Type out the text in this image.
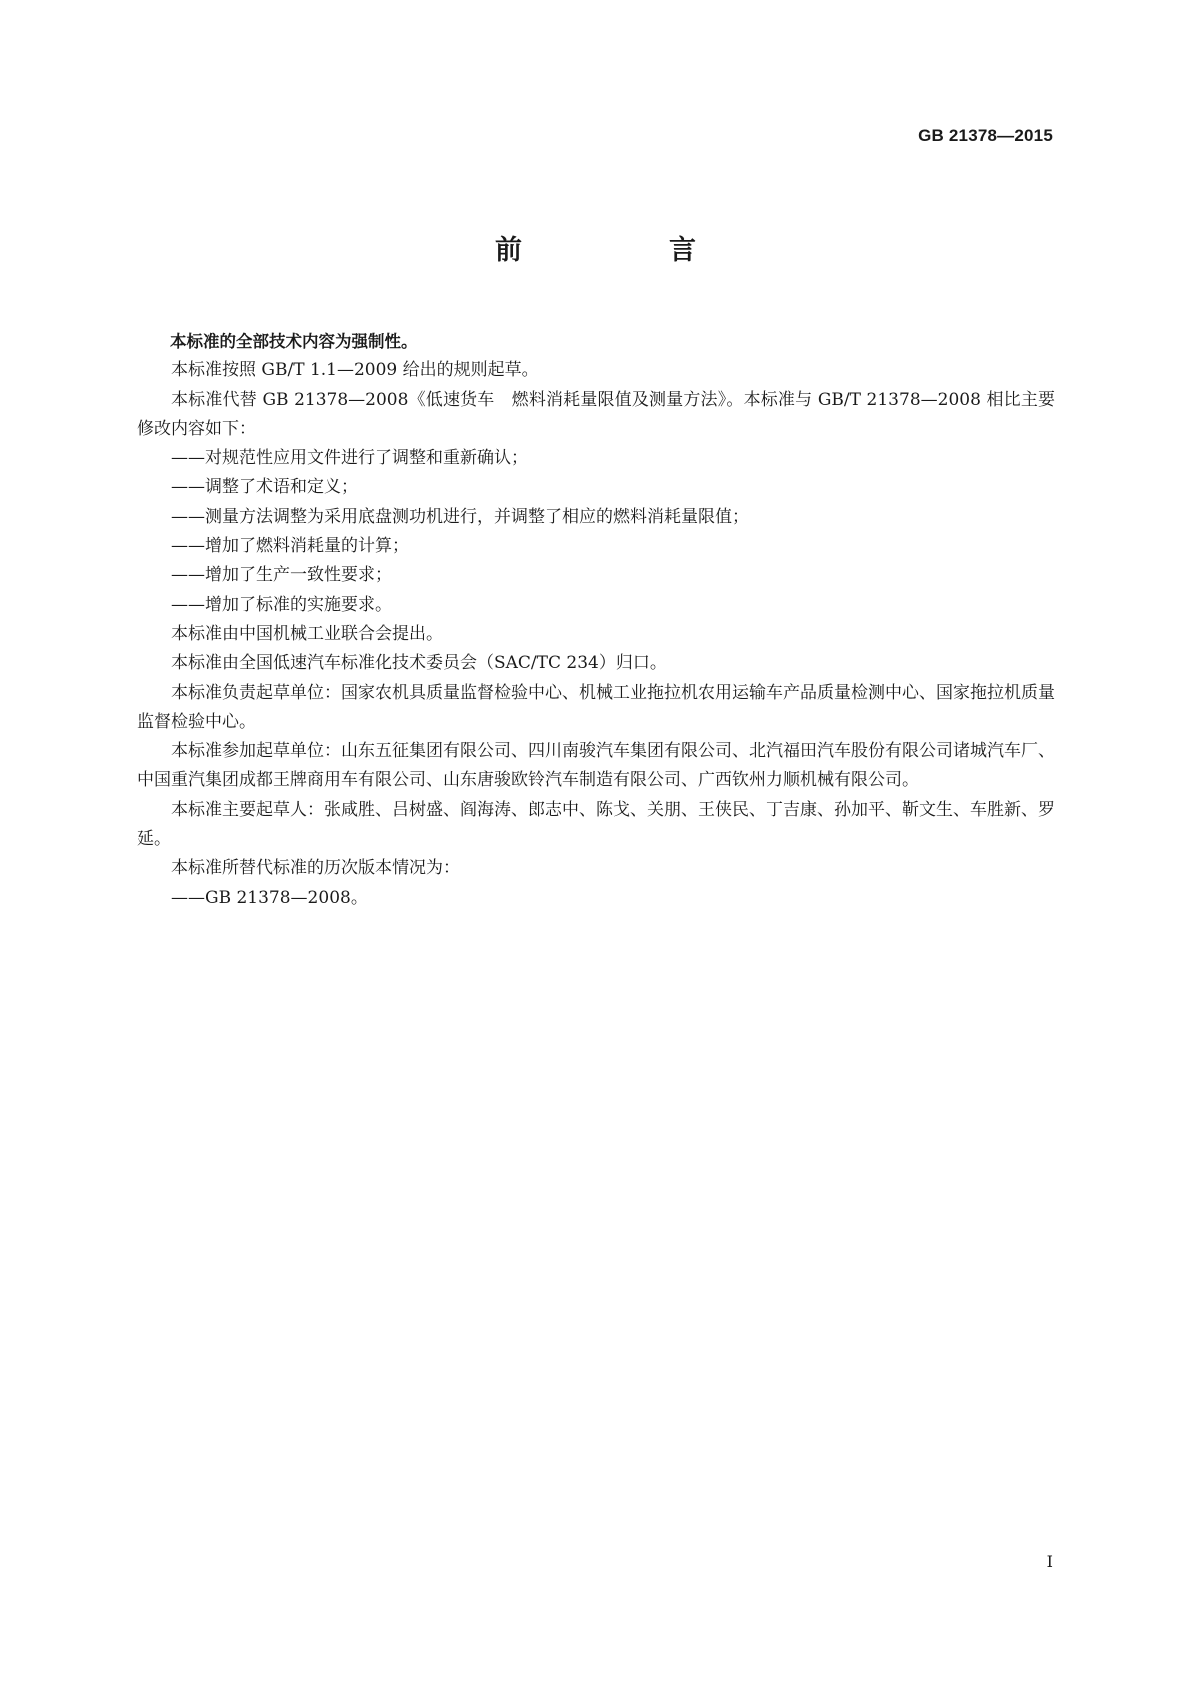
GB 21378—2015
前　言

本标准的全部技术内容为强制性。

本标准按照 GB/T 1.1—2009 给出的规则起草。

本标准代替 GB 21378—2008《低速货车　燃料消耗量限值及测量方法》。本标准与 GB/T 21378—2008 相比主要修改内容如下：

——对规范性应用文件进行了调整和重新确认；

——调整了术语和定义；

——测量方法调整为采用底盘测功机进行，并调整了相应的燃料消耗量限值；

——增加了燃料消耗量的计算；

——增加了生产一致性要求；

——增加了标准的实施要求。

本标准由中国机械工业联合会提出。

本标准由全国低速汽车标准化技术委员会（SAC/TC 234）归口。

本标准负责起草单位：国家农机具质量监督检验中心、机械工业拖拉机农用运输车产品质量检测中心、国家拖拉机质量监督检验中心。

本标准参加起草单位：山东五征集团有限公司、四川南骏汽车集团有限公司、北汽福田汽车股份有限公司诸城汽车厂、中国重汽集团成都王牌商用车有限公司、山东唐骏欧铃汽车制造有限公司、广西钦州力顺机械有限公司。

本标准主要起草人：张咸胜、吕树盛、阎海涛、郎志中、陈戈、关朋、王侠民、丁吉康、孙加平、靳文生、车胜新、罗延。

本标准所替代标准的历次版本情况为：

——GB 21378—2008。

I
